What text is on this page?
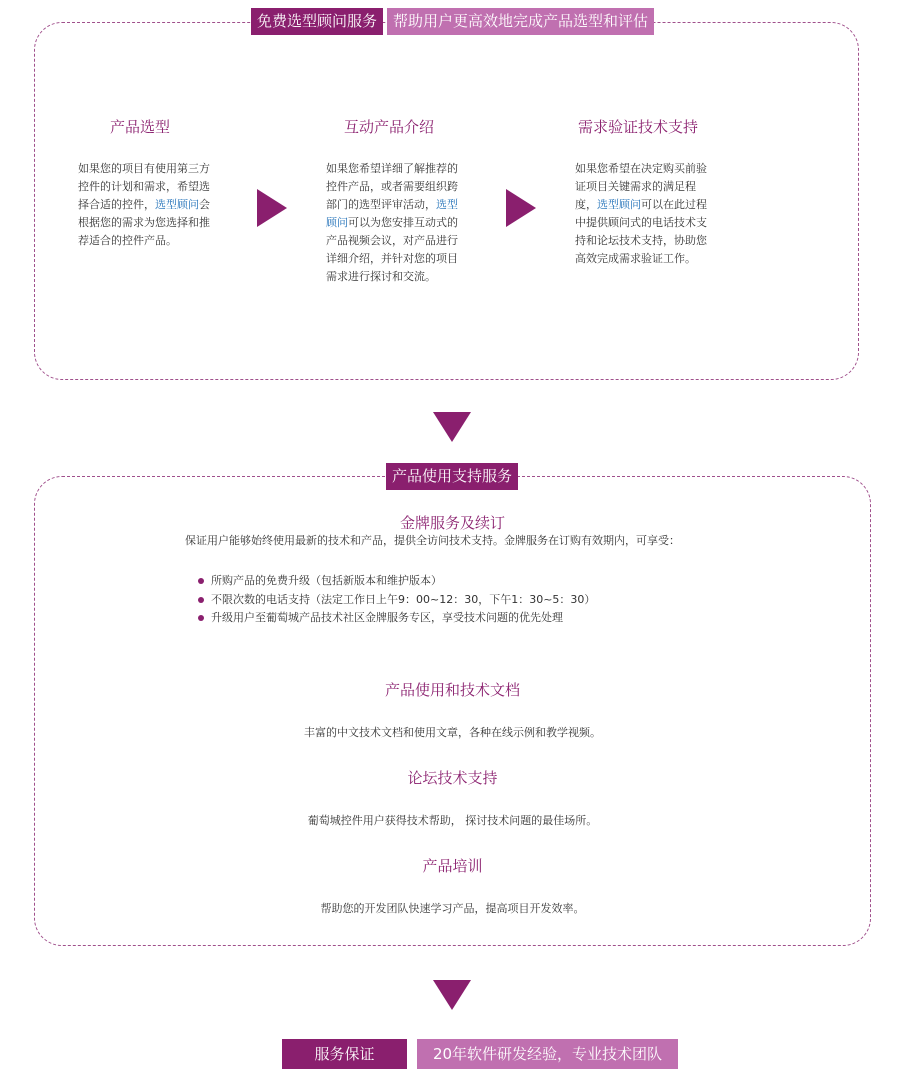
免费选型顾问服务	帮助用户更高效地完成产品选型和评估
产品选型
如果您的项目有使用第三方控件的计划和需求，希望选择合适的控件，选型顾问会根据您的需求为您选择和推荐适合的控件产品。
互动产品介绍
如果您希望详细了解推荐的控件产品，或者需要组织跨部门的选型评审活动，选型顾问可以为您安排互动式的产品视频会议，对产品进行详细介绍，并针对您的项目需求进行探讨和交流。
需求验证技术支持
如果您希望在决定购买前验证项目关键需求的满足程度，选型顾问可以在此过程中提供顾问式的电话技术支持和论坛技术支持，协助您高效完成需求验证工作。
产品使用支持服务
金牌服务及续订
保证用户能够始终使用最新的技术和产品，提供全访问技术支持。金牌服务在订购有效期内，可享受：
所购产品的免费升级（包括新版本和维护版本）
不限次数的电话支持（法定工作日上午9：00~12：30，下午1：30~5：30）
升级用户至葡萄城产品技术社区金牌服务专区，享受技术问题的优先处理
产品使用和技术文档
丰富的中文技术文档和使用文章，各种在线示例和教学视频。
论坛技术支持
葡萄城控件用户获得技术帮助， 探讨技术问题的最佳场所。
产品培训
帮助您的开发团队快速学习产品，提高项目开发效率。
服务保证	20年软件研发经验，专业技术团队
